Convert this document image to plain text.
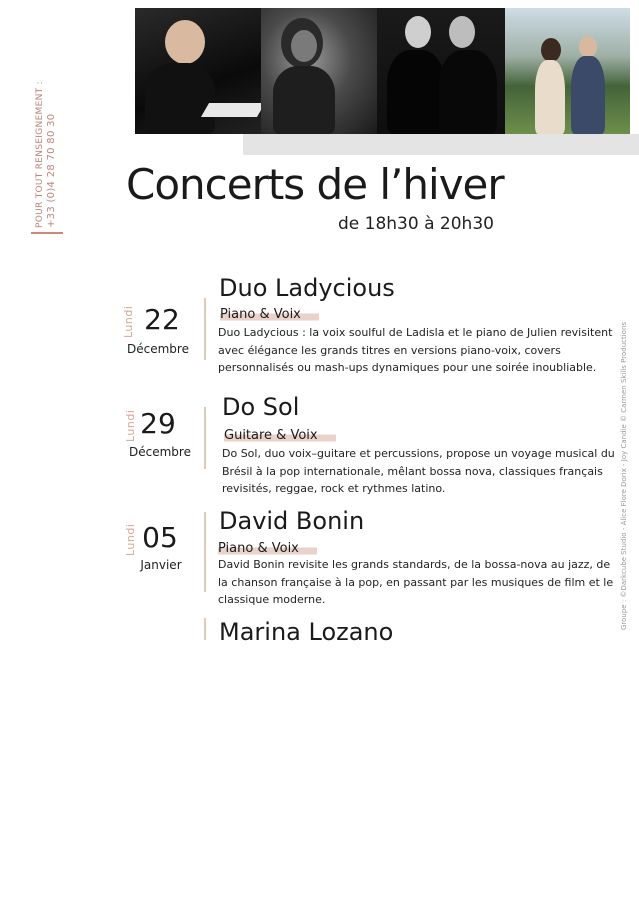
POUR TOUT RENSEIGNEMENT : +33 (0)4 28 70 80 30 Concerts de l’hiver
de 18h30 à 20h30
Lundi 22
Décembre
Duo Ladycious
Piano & Voix
Duo Ladycious : la voix soulful de Ladisla et le piano de Julien revisitent avec élégance les grands titres en versions piano-voix, covers personnalisés ou mash-ups dynamiques pour une soirée inoubliable.
Lundi 29
Décembre
Do Sol
Guitare & Voix
Do Sol, duo voix–guitare et percussions, propose un voyage musical du Brésil à la pop internationale, mêlant bossa nova, classiques français revisités, reggae, rock et rythmes latino.
Lundi 05
Janvier
David Bonin
Piano & Voix
David Bonin revisite les grands standards, de la bossa-nova au jazz, de la chanson française à la pop, en passant par les musiques de film et le classique moderne.
Marina Lozano
Groupe : ©Darkcube Studio - Alice Flore Dorix - Joy Candie © Carmen Skills Productions
